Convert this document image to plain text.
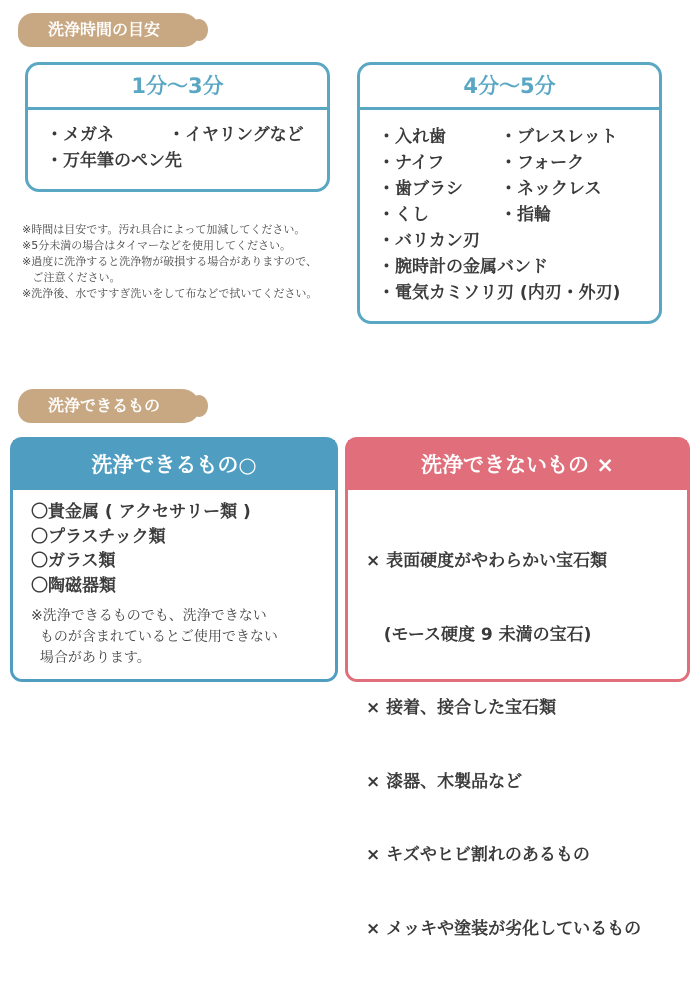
洗浄時間の目安
1分〜3分
・メガネ	・イヤリングなど
・万年筆のペン先
4分〜5分
・入れ歯	・ブレスレット
・ナイフ	・フォーク
・歯ブラシ	・ネックレス
・くし	・指輪
・バリカン刃
・腕時計の金属バンド
・電気カミソリ刃 (内刃・外刃)
※時間は目安です。汚れ具合によって加減してください。
※5分未満の場合はタイマーなどを使用してください。
※過度に洗浄すると洗浄物が破損する場合がありますので、
ご注意ください。
※洗浄後、水ですすぎ洗いをして布などで拭いてください。
洗浄できるもの
洗浄できるもの○
〇貴金属 ( アクセサリー類 )
〇プラスチック類
〇ガラス類
〇陶磁器類
※洗浄できるものでも、洗浄できない
ものが含まれているとご使用できない
場合があります。
洗浄できないもの ×

× 表面硬度がやわらかい宝石類

(モース硬度 9 未満の宝石)

× 接着、接合した宝石類

× 漆器、木製品など

× キズやヒビ割れのあるもの

× メッキや塗装が劣化しているもの
